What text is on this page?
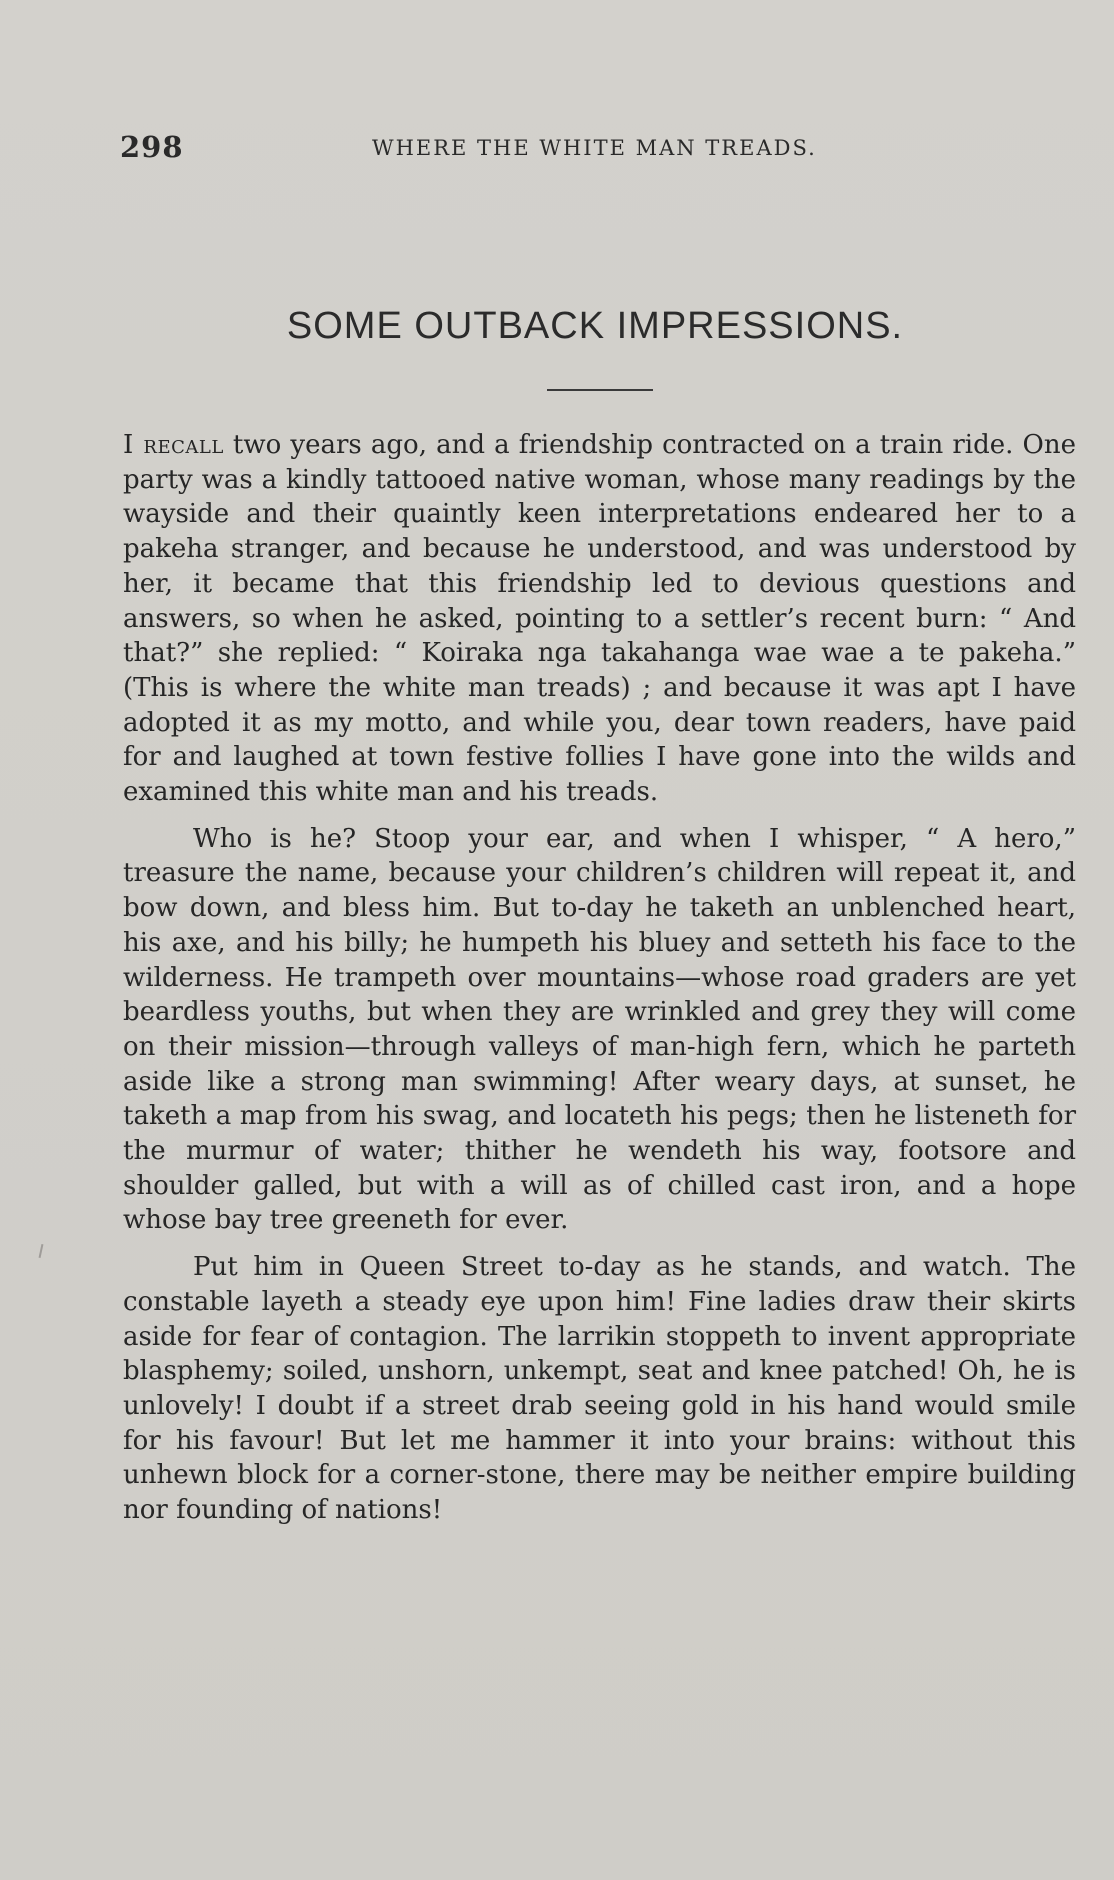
298	WHERE THE WHITE MAN TREADS.
SOME OUTBACK IMPRESSIONS.

I recall two years ago, and a friendship contracted on a train ride. One party was a kindly tattooed native woman, whose many readings by the wayside and their quaintly keen interpretations endeared her to a pakeha stranger, and because he understood, and was understood by her, it became that this friendship led to devious questions and answers, so when he asked, pointing to a settler’s recent burn: “ And that?” she replied: “ Koiraka nga takahanga wae wae a te pakeha.” (This is where the white man treads) ; and because it was apt I have adopted it as my motto, and while you, dear town readers, have paid for and laughed at town festive follies I have gone into the wilds and examined this white man and his treads.

Who is he? Stoop your ear, and when I whisper, “ A hero,” treasure the name, because your children’s children will repeat it, and bow down, and bless him. But to-day he taketh an unblenched heart, his axe, and his billy; he humpeth his bluey and setteth his face to the wilderness. He trampeth over mountains—whose road graders are yet beardless youths, but when they are wrinkled and grey they will come on their mission—through valleys of man-high fern, which he parteth aside like a strong man swimming! After weary days, at sunset, he taketh a map from his swag, and locateth his pegs; then he listeneth for the murmur of water; thither he wendeth his way, footsore and shoulder galled, but with a will as of chilled cast iron, and a hope whose bay tree greeneth for ever.

Put him in Queen Street to-day as he stands, and watch. The constable layeth a steady eye upon him! Fine ladies draw their skirts aside for fear of contagion. The larrikin stoppeth to invent appropriate blasphemy; soiled, unshorn, unkempt, seat and knee patched! Oh, he is unlovely! I doubt if a street drab seeing gold in his hand would smile for his favour! But let me hammer it into your brains: without this unhewn block for a corner-stone, there may be neither empire building nor founding of nations!
